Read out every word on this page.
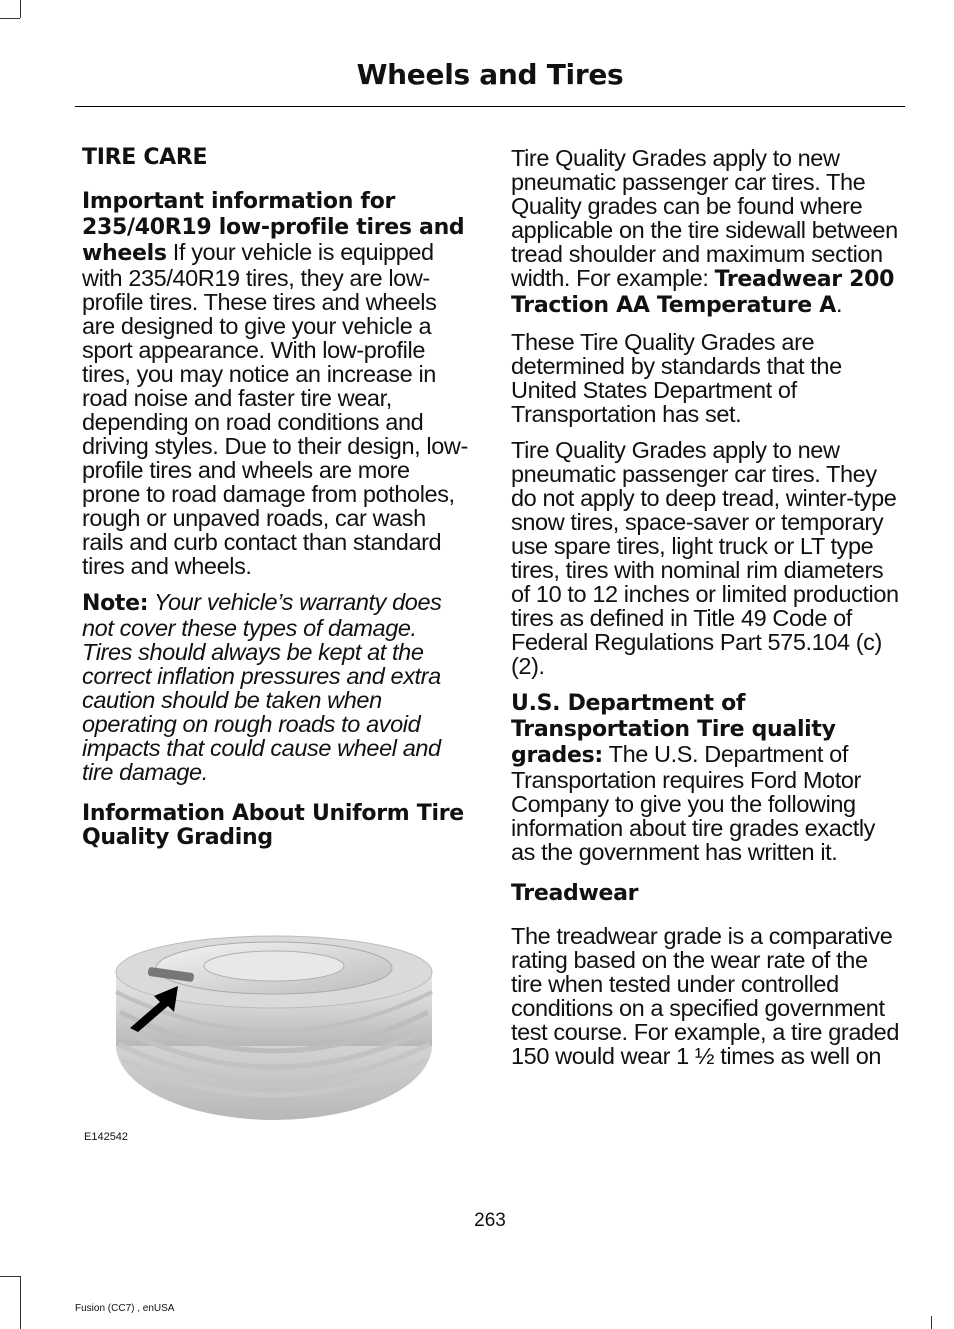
Wheels and Tires
TIRE CARE

Important information for 235/40R19 low-profile tires and wheels If your vehicle is equipped with 235/40R19 tires, they are low-profile tires. These tires and wheels are designed to give your vehicle a sport appearance. With low-profile tires, you may notice an increase in road noise and faster tire wear, depending on road conditions and driving styles. Due to their design, low-profile tires and wheels are more prone to road damage from potholes, rough or unpaved roads, car wash rails and curb contact than standard tires and wheels.

Note: Your vehicle’s warranty does not cover these types of damage. Tires should always be kept at the correct inflation pressures and extra caution should be taken when operating on rough roads to avoid impacts that could cause wheel and tire damage.

Information About Uniform Tire Quality Grading
E142542

Tire Quality Grades apply to new pneumatic passenger car tires. The Quality grades can be found where applicable on the tire sidewall between tread shoulder and maximum section width. For example: Treadwear 200 Traction AA Temperature A.

These Tire Quality Grades are determined by standards that the United States Department of Transportation has set.

Tire Quality Grades apply to new pneumatic passenger car tires. They do not apply to deep tread, winter-type snow tires, space-saver or temporary use spare tires, light truck or LT type tires, tires with nominal rim diameters of 10 to 12 inches or limited production tires as defined in Title 49 Code of Federal Regulations Part 575.104 (c)(2).

U.S. Department of Transportation Tire quality grades: The U.S. Department of Transportation requires Ford Motor Company to give you the following information about tire grades exactly as the government has written it.

Treadwear

The treadwear grade is a comparative rating based on the wear rate of the tire when tested under controlled conditions on a specified government test course. For example, a tire graded 150 would wear 1 ½ times as well on

263
Fusion (CC7) , enUSA
